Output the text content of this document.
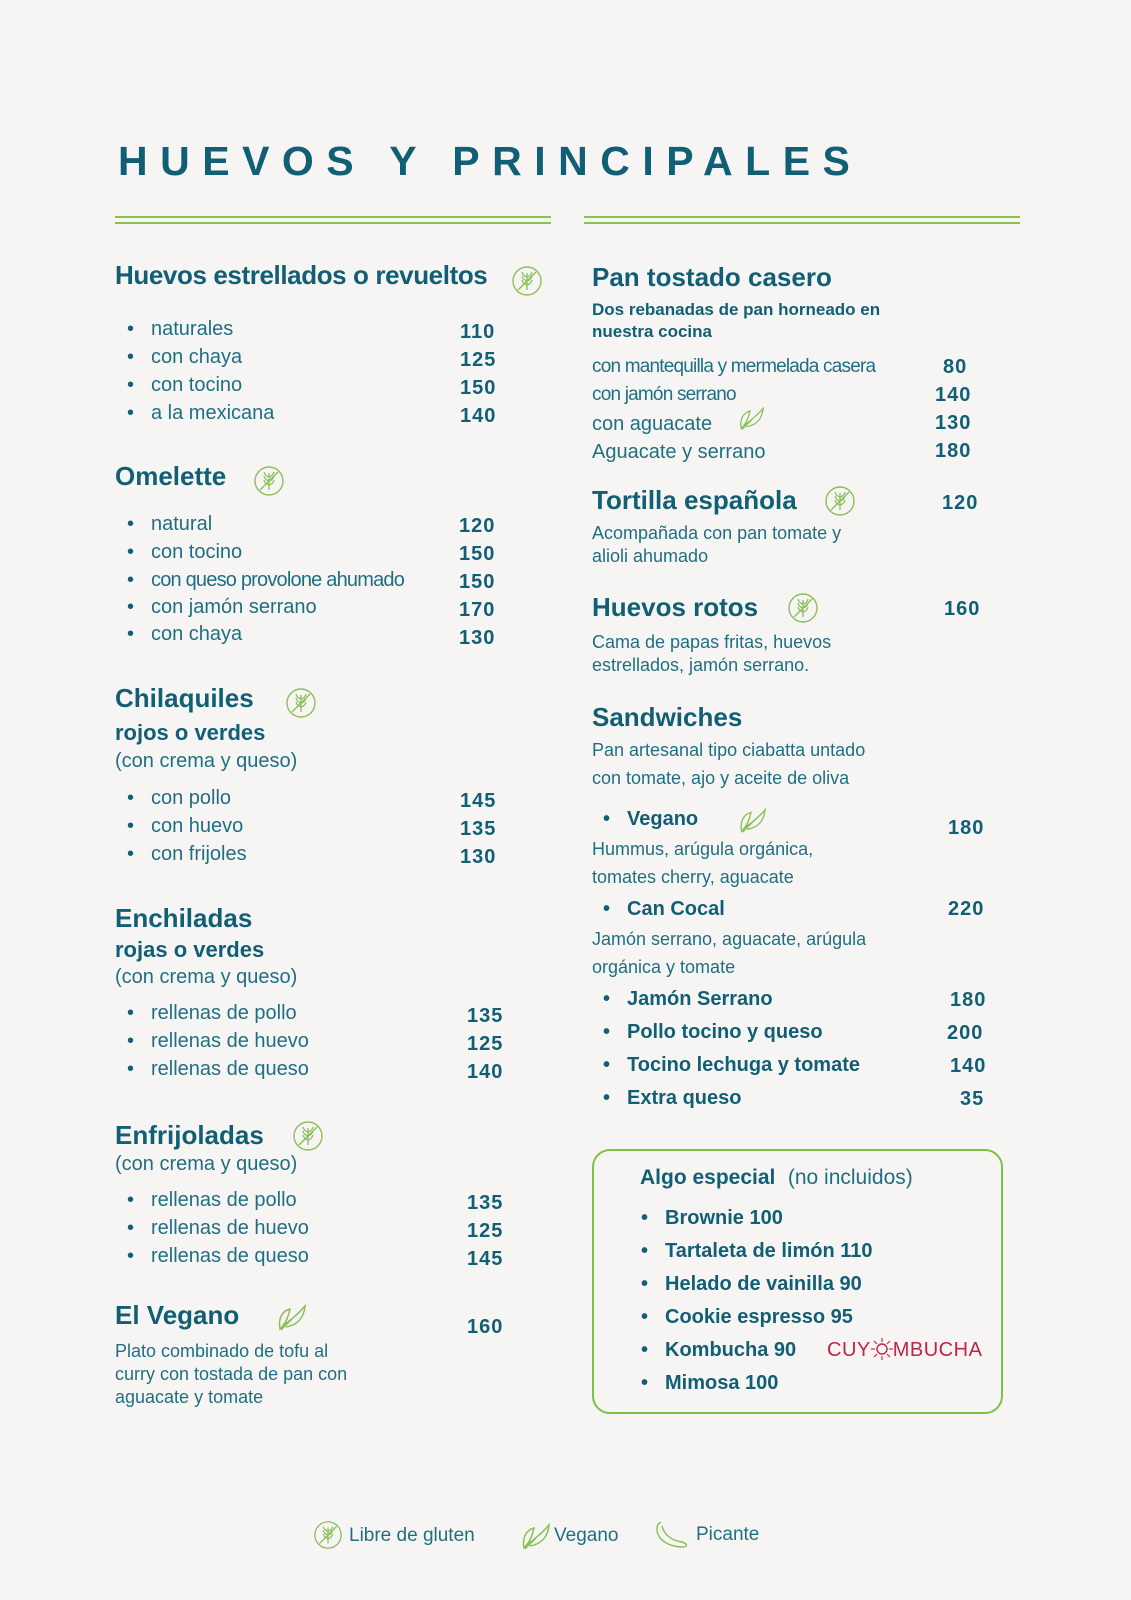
HUEVOS Y PRINCIPALES
Huevos estrellados o revueltos
• naturales	110
• con chaya	125
• con tocino	150
• a la mexicana	140
Omelette
• natural	120
• con tocino	150
• con queso provolone ahumado	150
• con jamón serrano	170
• con chaya	130
Chilaquiles
rojos o verdes
(con crema y queso)
• con pollo	145
• con huevo	135
• con frijoles	130
Enchiladas
rojas o verdes
(con crema y queso)
• rellenas de pollo	135
• rellenas de huevo	125
• rellenas de queso	140
Enfrijoladas
(con crema y queso)
• rellenas de pollo	135
• rellenas de huevo	125
• rellenas de queso	145
El Vegano	160
Plato combinado de tofu al
curry con tostada de pan con
aguacate y tomate
Pan tostado casero
Dos rebanadas de pan horneado en
nuestra cocina
con mantequilla y mermelada casera	80
con jamón serrano	140
con aguacate	130
Aguacate y serrano	180
Tortilla española	120
Acompañada con pan tomate y
alioli ahumado
Huevos rotos	160
Cama de papas fritas, huevos
estrellados, jamón serrano.
Sandwiches
Pan artesanal tipo ciabatta untado
con tomate, ajo y aceite de oliva
• Vegano	180
Hummus, arúgula orgánica,
tomates cherry, aguacate
• Can Cocal	220
Jamón serrano, aguacate, arúgula
orgánica y tomate
• Jamón Serrano	180
• Pollo tocino y queso	200
• Tocino lechuga y tomate	140
• Extra queso	35
Algo especial (no incluidos)
• Brownie 100
• Tartaleta de limón 110
• Helado de vainilla 90
• Cookie espresso 95
• Kombucha 90
• Mimosa 100
CUY MBUCHA
Libre de gluten	Vegano	Picante
